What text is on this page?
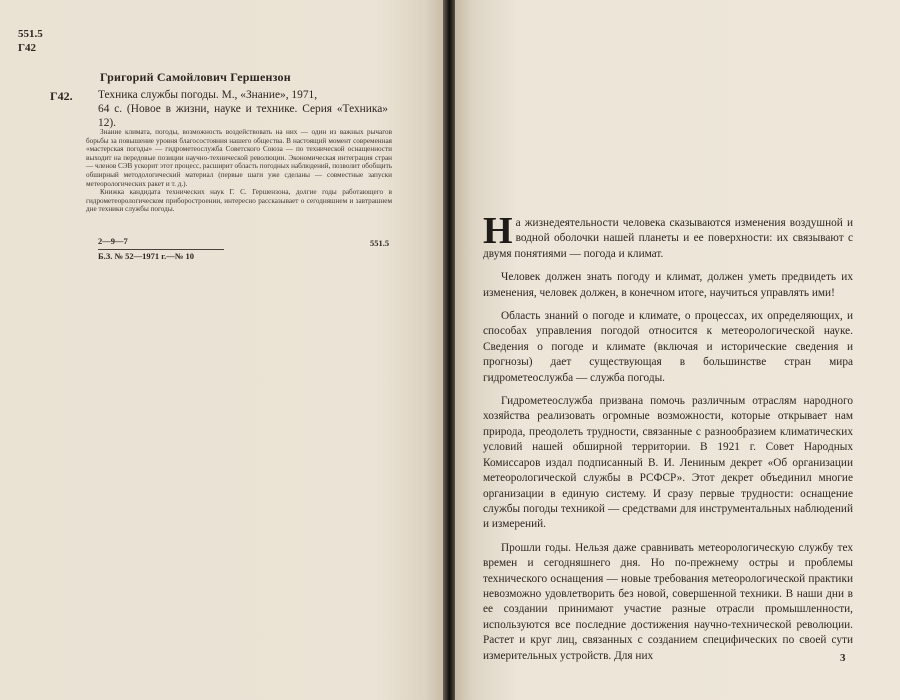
551.5
Г42
Григорий Самойлович Гершензон
Г42. Техника службы погоды. М., «Знание», 1971,

64 с. (Новое в жизни, науке и технике. Серия «Техника» 12).

Знание климата, погоды, возможность воздействовать на них — один из важных рычагов борьбы за повышение уровня благосостояния нашего общества. В настоящий момент современная «мастерская погоды» — гидрометеослужба Советского Союза — по технической оснащенности выходит на передовые позиции научно-технической революции. Экономическая интеграция стран — членов СЭВ ускорит этот процесс, расширит область погодных наблюдений, позволит обобщить обширный методологический материал (первые шаги уже сделаны — совместные запуски метеорологических ракет и т. д.).

Книжка кандидата технических наук Г. С. Гершензона, долгие годы работающего в гидрометеорологическом приборостроении, интересно рассказывает о сегодняшнем и завтрашнем дне техники службы погоды.

2—9—7	551.5
Б.З. № 52—1971 г.—№ 10

На жизнедеятельности человека сказываются изменения воздушной и водной оболочки нашей планеты и ее поверхности: их связывают с двумя понятиями — погода и климат.

Человек должен знать погоду и климат, должен уметь предвидеть их изменения, человек должен, в конечном итоге, научиться управлять ими!

Область знаний о погоде и климате, о процессах, их определяющих, и способах управления погодой относится к метеорологической науке. Сведения о погоде и климате (включая и исторические сведения и прогнозы) дает существующая в большинстве стран мира гидрометеослужба — служба погоды.

Гидрометеослужба призвана помочь различным отраслям народного хозяйства реализовать огромные возможности, которые открывает нам природа, преодолеть трудности, связанные с разнообразием климатических условий нашей обширной территории. В 1921 г. Совет Народных Комиссаров издал подписанный В. И. Лениным декрет «Об организации метеорологической службы в РСФСР». Этот декрет объединил многие организации в единую систему. И сразу первые трудности: оснащение службы погоды техникой — средствами для инструментальных наблюдений и измерений.

Прошли годы. Нельзя даже сравнивать метеорологическую службу тех времен и сегодняшнего дня. Но по-прежнему остры и проблемы технического оснащения — новые требования метеорологической практики невозможно удовлетворить без новой, совершенной техники. В наши дни в ее создании принимают участие разные отрасли промышленности, используются все последние достижения научно-технической революции. Растет и круг лиц, связанных с созданием специфических по своей сути измерительных устройств. Для них	3
